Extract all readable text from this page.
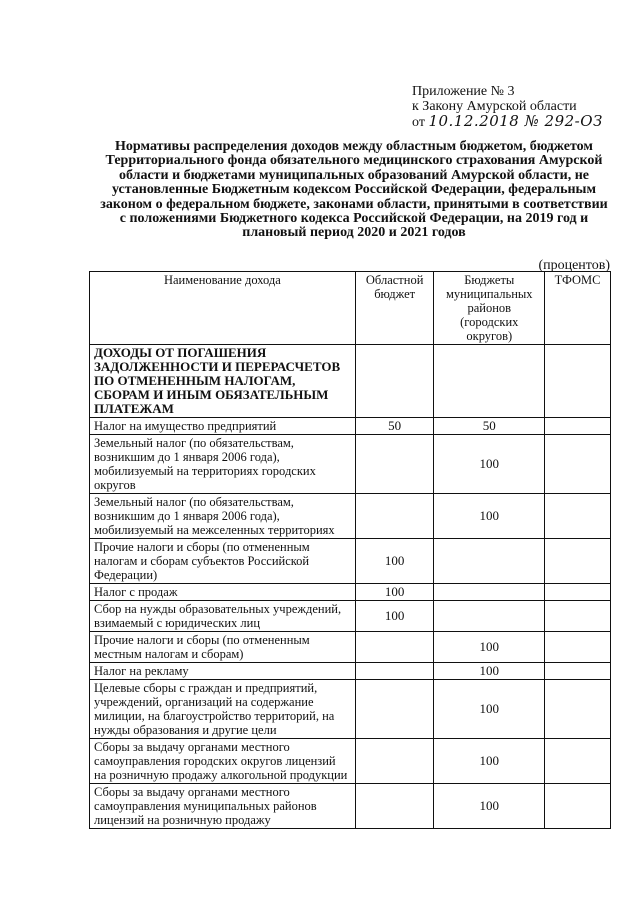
Приложение № 3
к Закону Амурской области
от 10.12.2018 № 292-ОЗ
Нормативы распределения доходов между областным бюджетом, бюджетом Территориального фонда обязательного медицинского страхования Амурской области и бюджетами муниципальных образований Амурской области, не установленные Бюджетным кодексом Российской Федерации, федеральным законом о федеральном бюджете, законами области, принятыми в соответствии с положениями Бюджетного кодекса Российской Федерации, на 2019 год и плановый период 2020 и 2021 годов
(процентов)
Наименование дохода	Областной бюджет	Бюджеты муниципальных районов (городских округов)	ТФОМС
ДОХОДЫ ОТ ПОГАШЕНИЯ ЗАДОЛЖЕННОСТИ И ПЕРЕРАСЧЕТОВ ПО ОТМЕНЕННЫМ НАЛОГАМ, СБОРАМ И ИНЫМ ОБЯЗАТЕЛЬНЫМ ПЛАТЕЖАМ			
Налог на имущество предприятий	50	50	
Земельный налог (по обязательствам, возникшим до 1 января 2006 года), мобилизуемый на территориях городских округов		100	
Земельный налог (по обязательствам, возникшим до 1 января 2006 года), мобилизуемый на межселенных территориях		100	
Прочие налоги и сборы (по отмененным налогам и сборам субъектов Российской Федерации)	100		
Налог с продаж	100		
Сбор на нужды образовательных учреждений, взимаемый с юридических лиц	100		
Прочие налоги и сборы (по отмененным местным налогам и сборам)		100	
Налог на рекламу		100	
Целевые сборы с граждан и предприятий, учреждений, организаций на содержание милиции, на благоустройство территорий, на нужды образования и другие цели		100	
Сборы за выдачу органами местного самоуправления городских округов лицензий на розничную продажу алкогольной продукции		100	
Сборы за выдачу органами местного самоуправления муниципальных районов лицензий на розничную продажу		100	
